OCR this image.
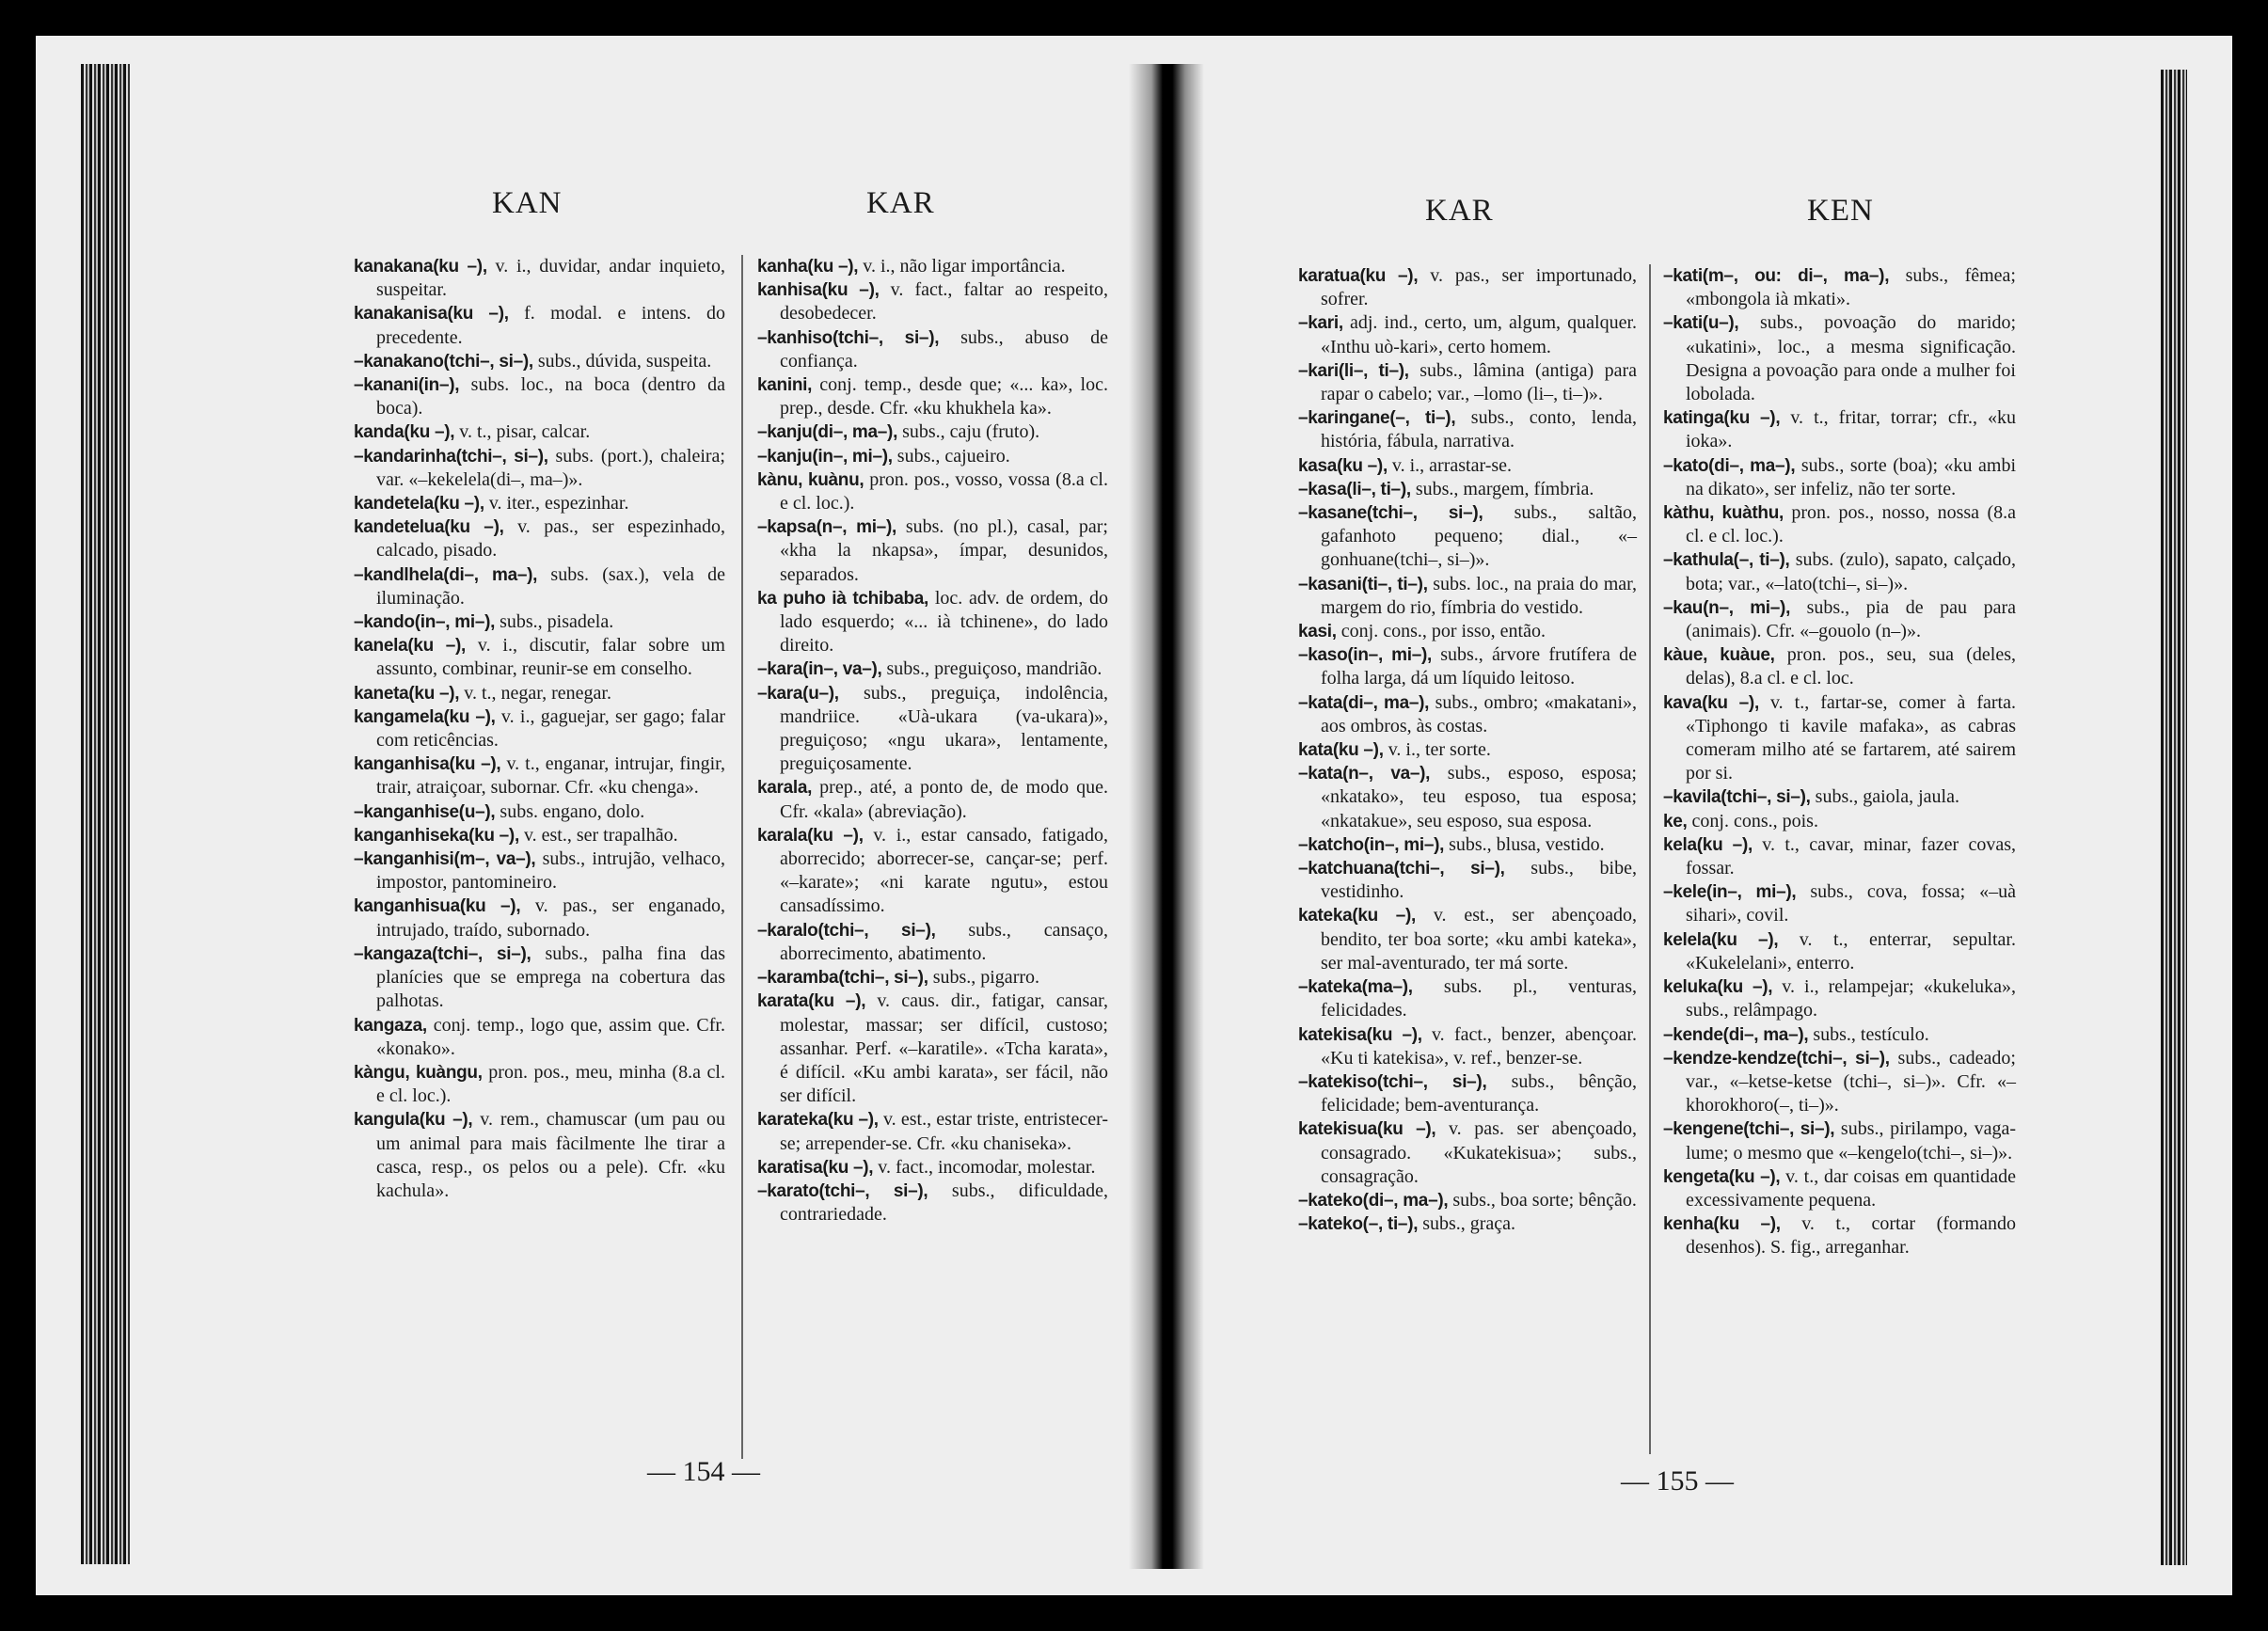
KAN	KAR

kanakana(ku –), v. i., duvidar, andar inquieto, suspeitar.

kanakanisa(ku –), f. modal. e intens. do precedente.

–kanakano(tchi–, si–), subs., dúvida, suspeita.

–kanani(in–), subs. loc., na boca (dentro da boca).

kanda(ku –), v. t., pisar, calcar.

–kandarinha(tchi–, si–), subs. (port.), chaleira; var. «–kekelela(di–, ma–)».

kandetela(ku –), v. iter., espezinhar.

kandetelua(ku –), v. pas., ser espezinhado, calcado, pisado.

–kandlhela(di–, ma–), subs. (sax.), vela de iluminação.

–kando(in–, mi–), subs., pisadela.

kanela(ku –), v. i., discutir, falar sobre um assunto, combinar, reunir-se em conselho.

kaneta(ku –), v. t., negar, renegar.

kangamela(ku –), v. i., gaguejar, ser gago; falar com reticências.

kanganhisa(ku –), v. t., enganar, intrujar, fingir, trair, atraiçoar, subornar. Cfr. «ku chenga».

–kanganhise(u–), subs. engano, dolo.

kanganhiseka(ku –), v. est., ser trapalhão.

–kanganhisi(m–, va–), subs., intrujão, velhaco, impostor, pantomineiro.

kanganhisua(ku –), v. pas., ser enganado, intrujado, traído, subornado.

–kangaza(tchi–, si–), subs., palha fina das planícies que se emprega na cobertura das palhotas.

kangaza, conj. temp., logo que, assim que. Cfr. «konako».

kàngu, kuàngu, pron. pos., meu, minha (8.a cl. e cl. loc.).

kangula(ku –), v. rem., chamuscar (um pau ou um animal para mais fàcilmente lhe tirar a casca, resp., os pelos ou a pele). Cfr. «ku kachula».

kanha(ku –), v. i., não ligar importância.

kanhisa(ku –), v. fact., faltar ao respeito, desobedecer.

–kanhiso(tchi–, si–), subs., abuso de confiança.

kanini, conj. temp., desde que; «... ka», loc. prep., desde. Cfr. «ku khukhela ka».

–kanju(di–, ma–), subs., caju (fruto).

–kanju(in–, mi–), subs., cajueiro.

kànu, kuànu, pron. pos., vosso, vossa (8.a cl. e cl. loc.).

–kapsa(n–, mi–), subs. (no pl.), casal, par; «kha la nkapsa», ímpar, desunidos, separados.

ka puho ià tchibaba, loc. adv. de ordem, do lado esquerdo; «... ià tchinene», do lado direito.

–kara(in–, va–), subs., preguiçoso, mandrião.

–kara(u–), subs., preguiça, indolência, mandriice. «Uà-ukara (va-ukara)», preguiçoso; «ngu ukara», lentamente, preguiçosamente.

karala, prep., até, a ponto de, de modo que. Cfr. «kala» (abreviação).

karala(ku –), v. i., estar cansado, fatigado, aborrecido; aborrecer-se, cançar-se; perf. «–karate»; «ni karate ngutu», estou cansadíssimo.

–karalo(tchi–, si–), subs., cansaço, aborrecimento, abatimento.

–karamba(tchi–, si–), subs., pigarro.

karata(ku –), v. caus. dir., fatigar, cansar, molestar, massar; ser difícil, custoso; assanhar. Perf. «–karatile». «Tcha karata», é difícil. «Ku ambi karata», ser fácil, não ser difícil.

karateka(ku –), v. est., estar triste, entristecer-se; arrepender-se. Cfr. «ku chaniseka».

karatisa(ku –), v. fact., incomodar, molestar.

–karato(tchi–, si–), subs., dificuldade, contrariedade.

— 154 —
KAR	KEN

karatua(ku –), v. pas., ser importunado, sofrer.

–kari, adj. ind., certo, um, algum, qualquer. «Inthu uò-kari», certo homem.

–kari(li–, ti–), subs., lâmina (antiga) para rapar o cabelo; var., –lomo (li–, ti–)».

–karingane(–, ti–), subs., conto, lenda, história, fábula, narrativa.

kasa(ku –), v. i., arrastar-se.

–kasa(li–, ti–), subs., margem, fímbria.

–kasane(tchi–, si–), subs., saltão, gafanhoto pequeno; dial., «–gonhuane(tchi–, si–)».

–kasani(ti–, ti–), subs. loc., na praia do mar, margem do rio, fímbria do vestido.

kasi, conj. cons., por isso, então.

–kaso(in–, mi–), subs., árvore frutífera de folha larga, dá um líquido leitoso.

–kata(di–, ma–), subs., ombro; «makatani», aos ombros, às costas.

kata(ku –), v. i., ter sorte.

–kata(n–, va–), subs., esposo, esposa; «nkatako», teu esposo, tua esposa; «nkatakue», seu esposo, sua esposa.

–katcho(in–, mi–), subs., blusa, vestido.

–katchuana(tchi–, si–), subs., bibe, vestidinho.

kateka(ku –), v. est., ser abençoado, bendito, ter boa sorte; «ku ambi kateka», ser mal-aventurado, ter má sorte.

–kateka(ma–), subs. pl., venturas, felicidades.

katekisa(ku –), v. fact., benzer, abençoar. «Ku ti katekisa», v. ref., benzer-se.

–katekiso(tchi–, si–), subs., bênção, felicidade; bem-aventurança.

katekisua(ku –), v. pas. ser abençoado, consagrado. «Kukatekisua»; subs., consagração.

–kateko(di–, ma–), subs., boa sorte; bênção.

–kateko(–, ti–), subs., graça.

–kati(m–, ou: di–, ma–), subs., fêmea; «mbongola ià mkati».

–kati(u–), subs., povoação do marido; «ukatini», loc., a mesma significação. Designa a povoação para onde a mulher foi lobolada.

katinga(ku –), v. t., fritar, torrar; cfr., «ku ioka».

–kato(di–, ma–), subs., sorte (boa); «ku ambi na dikato», ser infeliz, não ter sorte.

kàthu, kuàthu, pron. pos., nosso, nossa (8.a cl. e cl. loc.).

–kathula(–, ti–), subs. (zulo), sapato, calçado, bota; var., «–lato(tchi–, si–)».

–kau(n–, mi–), subs., pia de pau para (animais). Cfr. «–gouolo (n–)».

kàue, kuàue, pron. pos., seu, sua (deles, delas), 8.a cl. e cl. loc.

kava(ku –), v. t., fartar-se, comer à farta. «Tiphongo ti kavile mafaka», as cabras comeram milho até se fartarem, até sairem por si.

–kavila(tchi–, si–), subs., gaiola, jaula.

ke, conj. cons., pois.

kela(ku –), v. t., cavar, minar, fazer covas, fossar.

–kele(in–, mi–), subs., cova, fossa; «–uà sihari», covil.

kelela(ku –), v. t., enterrar, sepultar. «Kukelelani», enterro.

keluka(ku –), v. i., relampejar; «kukeluka», subs., relâmpago.

–kende(di–, ma–), subs., testículo.

–kendze-kendze(tchi–, si–), subs., cadeado; var., «–ketse-ketse (tchi–, si–)». Cfr. «–khorokhoro(–, ti–)».

–kengene(tchi–, si–), subs., pirilampo, vaga-lume; o mesmo que «–kengelo(tchi–, si–)».

kengeta(ku –), v. t., dar coisas em quantidade excessivamente pequena.

kenha(ku –), v. t., cortar (formando desenhos). S. fig., arreganhar.

— 155 —
